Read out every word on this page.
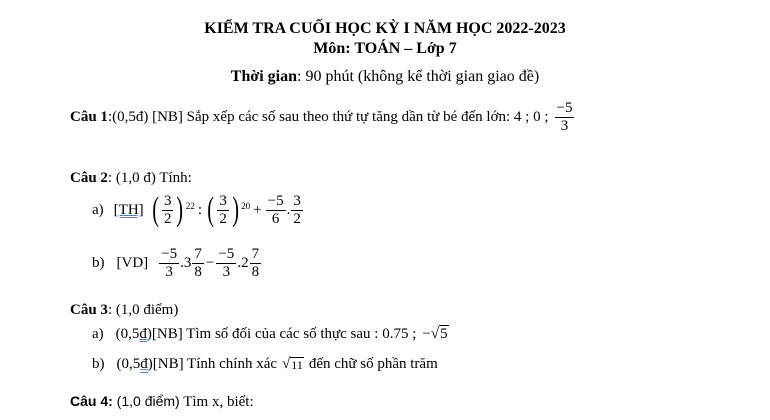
KIỂM TRA CUỐI HỌC KỲ I NĂM HỌC 2022-2023
Môn: TOÁN – Lớp 7
Thời gian: 90 phút (không kể thời gian giao đề)
Câu 1 :(0,5đ) [NB] Sắp xếp các số sau theo thứ tự tăng dần từ bé đến lớn: 4 ; 0 ; $\frac{-5}{3}$
Câu 2: (1,0 đ) Tính:
a) [TH] ( $\frac{3}{2}$ ) 22 : ( $\frac{3}{2}$ ) $20 + \frac{-5}{6}$ . $\frac{3}{2}$
b) $[VD] \frac{-5}{3}$ . $3 \frac{7}{8} - \frac{-5}{3}$ . $2 \frac{7}{8}$
Câu 3: (1,0 điểm)
a) (0,5 đ )[NB] Tìm số đối của các số thực sau : 0.75 ; − √ 5
b) (0,5 đ )[NB] Tính chính xác √ 11 đến chữ số phần trăm
Câu 4: (1,0 điểm) Tìm x, biết:
